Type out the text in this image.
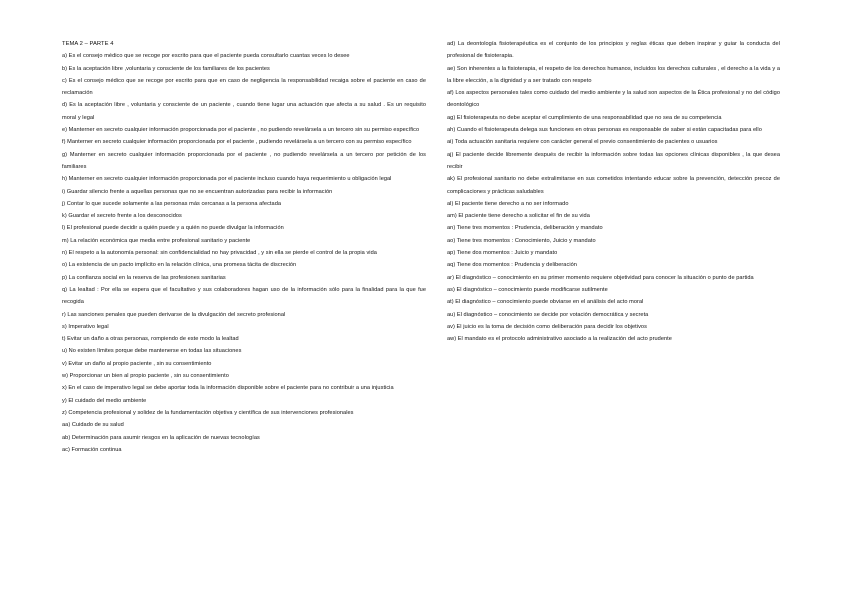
TEMA 2 – PARTE 4

a) Es el consejo médico que se recoge por escrito para que el paciente pueda consultarlo cuantas veces lo desee

b) Es la aceptación libre ,voluntaria y consciente de los familiares de los pacientes

c) Es el consejo médico que se recoge por escrito para que en caso de negligencia la responsabilidad recaiga sobre el paciente en caso de reclamación

d) Es la aceptación libre , voluntaria y consciente de un paciente , cuando tiene lugar una actuación que afecta a su salud . Es un requisito moral y legal

e) Manterner en secreto cualquier información proporcionada por el paciente , no pudiendo revelársela a un tercero sin su permiso específico

f) Manterner en secreto cualquier información proporcionada por el paciente , pudiendo revelársela a un tercero con su permiso específico

g) Manterner en secreto cualquier información proporcionada por el paciente , no pudiendo revelársela a un tercero por petición de los familiares

h) Manterner en secreto cualquier información proporcionada por el paciente incluso cuando haya requerimiento u obligación legal

i) Guardar silencio frente a aquellas personas que no se encuentran autorizadas para recibir la información

j) Contar lo que sucede solamente a las personas más cercanas a la persona afectada

k) Guardar el secreto frente a los desconocidos

l) El profesional puede decidir a quién puede y a quién no puede divulgar la información

m) La relación económica que media entre profesional sanitario y paciente

n) El respeto a la autonomía personal: sin confidencialidad no hay privacidad , y sin ella se pierde el control de la propia vida

o) La existencia de un pacto implícito en la relación clínica, una promesa tácita de discreción

p) La confianza social en la reserva de las profesiones sanitarias

q) La lealtad : Por ella se espera que el facultativo y sus colaboradores hagan uso de la información sólo para la finalidad para la que fue recogida

r) Las sanciones penales que pueden derivarse de la divulgación del secreto profesional

s) Imperativo legal

t) Evitar un daño a otras personas, rompiendo de este modo la lealtad

u) No existen límites porque debe mantenerse en todas las situaciones

v) Evitar un daño al propio paciente , sin su consentimiento

w) Proporcionar un bien al propio paciente , sin su consentimiento

x) En el caso de imperativo legal se debe aportar toda la información disponible sobre el paciente para no contribuir a una injusticia

y) El cuidado del medio ambiente

z) Competencia profesional y solidez de la fundamentación objetiva y científica de sus intervenciones profesionales

aa) Cuidado de su salud

ab) Determinación para asumir riesgos en la aplicación de nuevas tecnologías

ac) Formación continua

ad) La deontología fisioterapéutica es el conjunto de los principios y reglas éticas que deben inspirar y guiar la conducta del profesional de fisioterapia.

ae) Son inherentes a la fisioterapia, el respeto de los derechos humanos, incluidos los derechos culturales , el derecho a la vida y a la libre elección, a la dignidad y a ser tratado con respeto

af) Los aspectos personales tales como cuidado del medio ambiente y la salud son aspectos de la Ética profesional y no del código deontológico

ag) El fisioterapeuta no debe aceptar el cumplimiento de una responsabilidad que no sea de su competencia

ah) Cuando el fisioterapeuta delega sus funciones en otras personas es responsable de saber si están capacitadas para ello

ai) Toda actuación sanitaria requiere con carácter general el previo consentimiento de pacientes o usuarios

aj) El paciente decide libremente después de recibir la información sobre todas las opciones clínicas disponibles , la que desea recibir

ak) El profesional sanitario no debe extralimitarse en sus cometidos intentando educar sobre la prevención, detección precoz de complicaciones y prácticas saludables

al) El paciente tiene derecho a no ser informado

am) El paciente tiene derecho a solicitar el fin de su vida

an) Tiene tres momentos : Prudencia, deliberación y mandato

ao) Tiene tres momentos : Conocimiento, Juicio y mandato

ap) Tiene dos momentos : Juicio y mandato

aq) Tiene dos momentos : Prudencia y deliberación

ar) El diagnóstico – conocimiento en su primer momento requiere objetividad para conocer la situación o punto de partida

as) El diagnóstico – conocimiento puede modificarse sutilmente

at) El diagnóstico – conocimiento puede obviarse en el análisis del acto moral

au) El diagnóstico – conocimiento se decide por votación democrática y secreta

av) El juicio es la toma de decisión como deliberación para decidir los objetivos

aw) El mandato es el protocolo administrativo asociado a la realización del acto prudente
